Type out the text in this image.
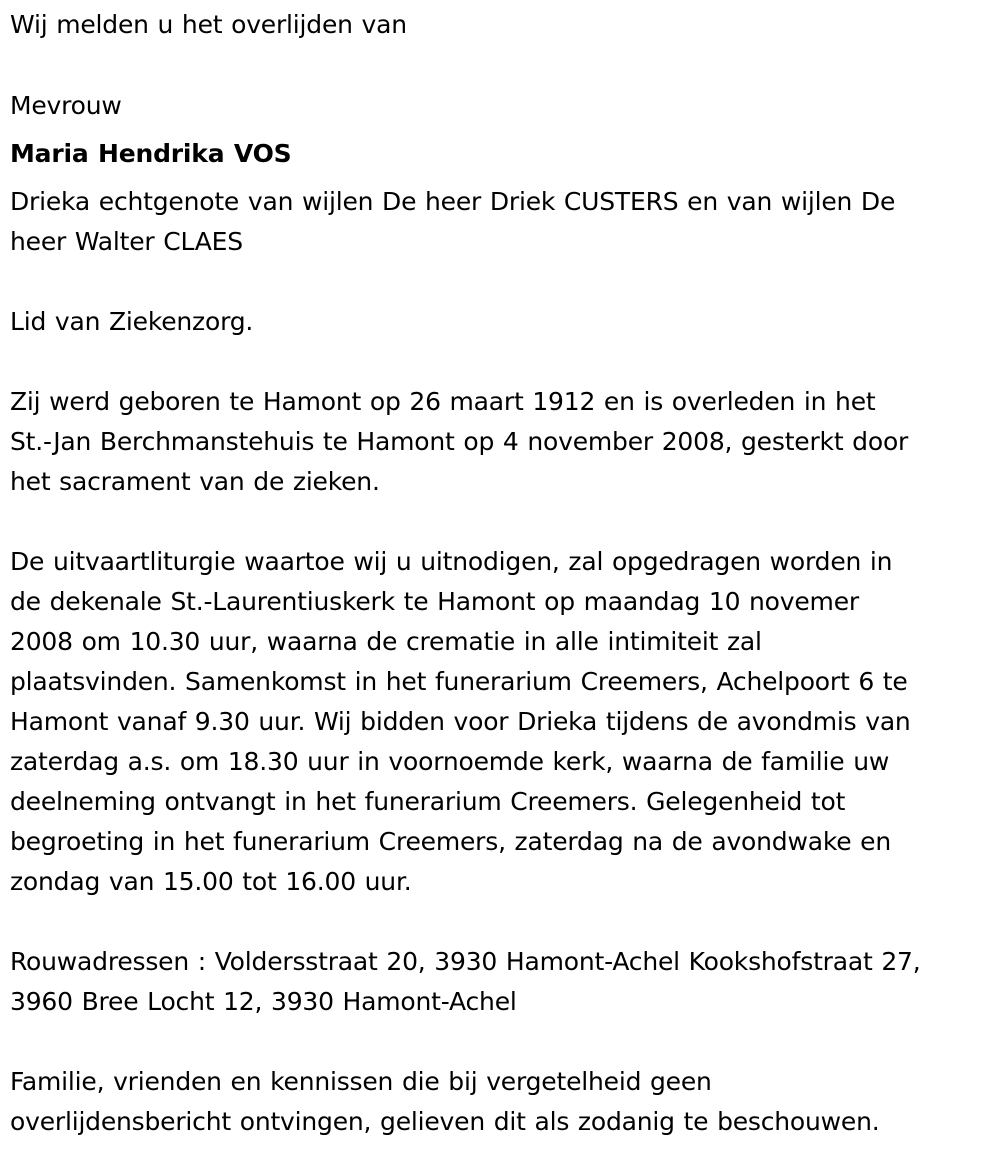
Wij melden u het overlijden van
Mevrouw
Maria Hendrika VOS
Drieka echtgenote van wijlen De heer Driek CUSTERS en van wijlen De
heer Walter CLAES
Lid van Ziekenzorg.
Zij werd geboren te Hamont op 26 maart 1912 en is overleden in het
St.-Jan Berchmanstehuis te Hamont op 4 november 2008, gesterkt door
het sacrament van de zieken.
De uitvaartliturgie waartoe wij u uitnodigen, zal opgedragen worden in
de dekenale St.-Laurentiuskerk te Hamont op maandag 10 novemer
2008 om 10.30 uur, waarna de crematie in alle intimiteit zal
plaatsvinden. Samenkomst in het funerarium Creemers, Achelpoort 6 te
Hamont vanaf 9.30 uur. Wij bidden voor Drieka tijdens de avondmis van
zaterdag a.s. om 18.30 uur in voornoemde kerk, waarna de familie uw
deelneming ontvangt in het funerarium Creemers. Gelegenheid tot
begroeting in het funerarium Creemers, zaterdag na de avondwake en
zondag van 15.00 tot 16.00 uur.
Rouwadressen : Voldersstraat 20, 3930 Hamont-Achel Kookshofstraat 27,
3960 Bree Locht 12, 3930 Hamont-Achel
Familie, vrienden en kennissen die bij vergetelheid geen
overlijdensbericht ontvingen, gelieven dit als zodanig te beschouwen.
